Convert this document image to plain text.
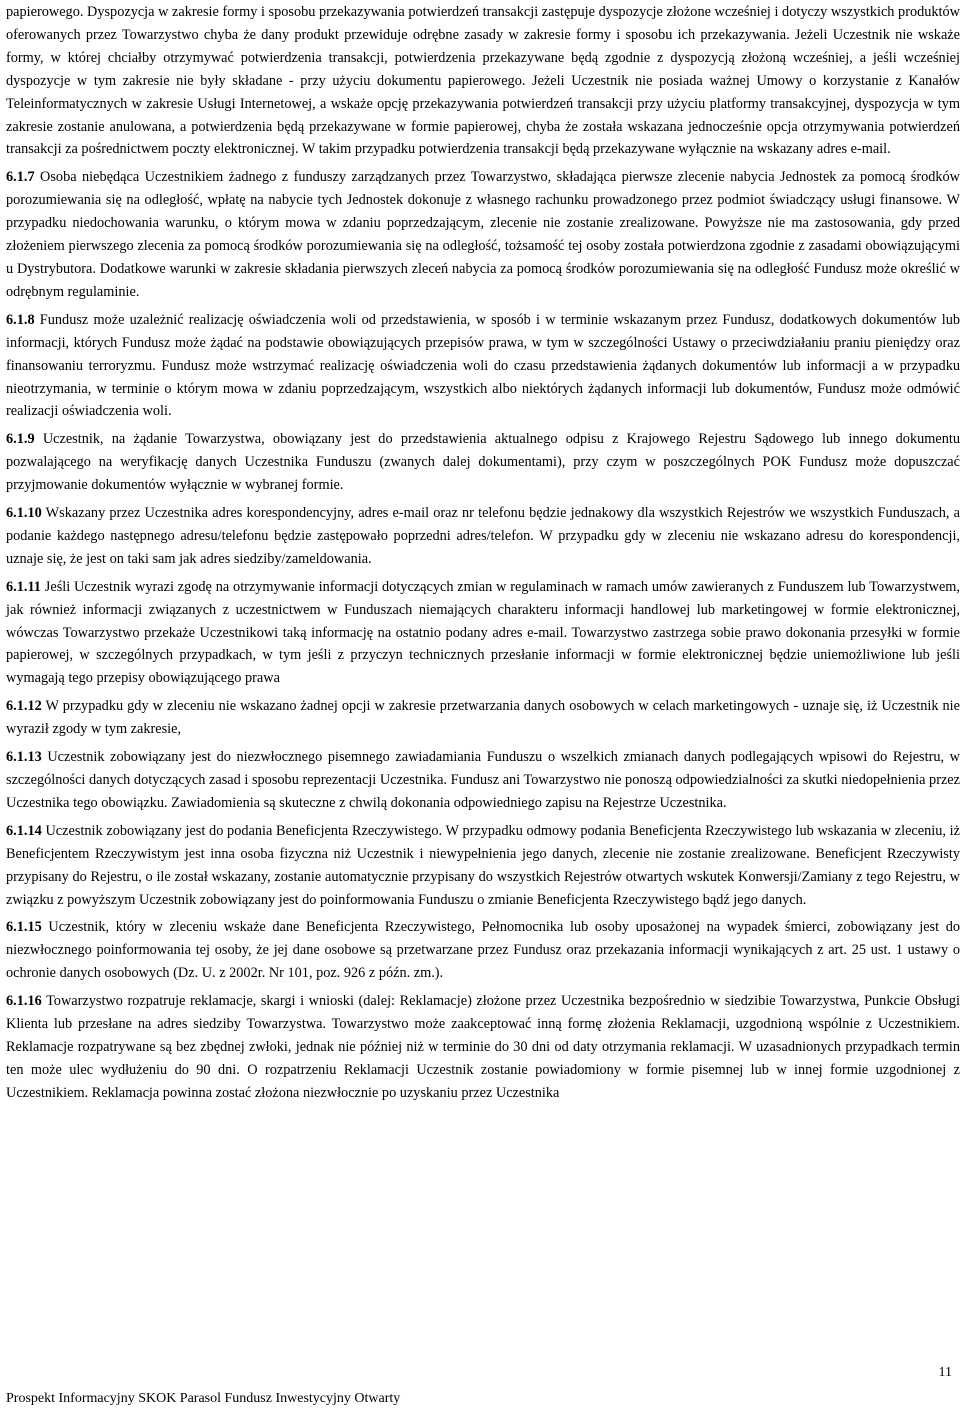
papierowego. Dyspozycja w zakresie formy i sposobu przekazywania potwierdzeń transakcji zastępuje dyspozycje złożone wcześniej i dotyczy wszystkich produktów oferowanych przez Towarzystwo chyba że dany produkt przewiduje odrębne zasady w zakresie formy i sposobu ich przekazywania. Jeżeli Uczestnik nie wskaże formy, w której chciałby otrzymywać potwierdzenia transakcji, potwierdzenia przekazywane będą zgodnie z dyspozycją złożoną wcześniej, a jeśli wcześniej dyspozycje w tym zakresie nie były składane - przy użyciu dokumentu papierowego. Jeżeli Uczestnik nie posiada ważnej Umowy o korzystanie z Kanałów Teleinformatycznych w zakresie Usługi Internetowej, a wskaże opcję przekazywania potwierdzeń transakcji przy użyciu platformy transakcyjnej, dyspozycja w tym zakresie zostanie anulowana, a potwierdzenia będą przekazywane w formie papierowej, chyba że została wskazana jednocześnie opcja otrzymywania potwierdzeń transakcji za pośrednictwem poczty elektronicznej. W takim przypadku potwierdzenia transakcji będą przekazywane wyłącznie na wskazany adres e-mail.

6.1.7 Osoba niebędąca Uczestnikiem żadnego z funduszy zarządzanych przez Towarzystwo, składająca pierwsze zlecenie nabycia Jednostek za pomocą środków porozumiewania się na odległość, wpłatę na nabycie tych Jednostek dokonuje z własnego rachunku prowadzonego przez podmiot świadczący usługi finansowe. W przypadku niedochowania warunku, o którym mowa w zdaniu poprzedzającym, zlecenie nie zostanie zrealizowane. Powyższe nie ma zastosowania, gdy przed złożeniem pierwszego zlecenia za pomocą środków porozumiewania się na odległość, tożsamość tej osoby została potwierdzona zgodnie z zasadami obowiązującymi u Dystrybutora. Dodatkowe warunki w zakresie składania pierwszych zleceń nabycia za pomocą środków porozumiewania się na odległość Fundusz może określić w odrębnym regulaminie.

6.1.8 Fundusz może uzależnić realizację oświadczenia woli od przedstawienia, w sposób i w terminie wskazanym przez Fundusz, dodatkowych dokumentów lub informacji, których Fundusz może żądać na podstawie obowiązujących przepisów prawa, w tym w szczególności Ustawy o przeciwdziałaniu praniu pieniędzy oraz finansowaniu terroryzmu. Fundusz może wstrzymać realizację oświadczenia woli do czasu przedstawienia żądanych dokumentów lub informacji a w przypadku nieotrzymania, w terminie o którym mowa w zdaniu poprzedzającym, wszystkich albo niektórych żądanych informacji lub dokumentów, Fundusz może odmówić realizacji oświadczenia woli.

6.1.9 Uczestnik, na żądanie Towarzystwa, obowiązany jest do przedstawienia aktualnego odpisu z Krajowego Rejestru Sądowego lub innego dokumentu pozwalającego na weryfikację danych Uczestnika Funduszu (zwanych dalej dokumentami), przy czym w poszczególnych POK Fundusz może dopuszczać przyjmowanie dokumentów wyłącznie w wybranej formie.

6.1.10 Wskazany przez Uczestnika adres korespondencyjny, adres e-mail oraz nr telefonu będzie jednakowy dla wszystkich Rejestrów we wszystkich Funduszach, a podanie każdego następnego adresu/telefonu będzie zastępowało poprzedni adres/telefon. W przypadku gdy w zleceniu nie wskazano adresu do korespondencji, uznaje się, że jest on taki sam jak adres siedziby/zameldowania.

6.1.11 Jeśli Uczestnik wyrazi zgodę na otrzymywanie informacji dotyczących zmian w regulaminach w ramach umów zawieranych z Funduszem lub Towarzystwem, jak również informacji związanych z uczestnictwem w Funduszach niemających charakteru informacji handlowej lub marketingowej w formie elektronicznej, wówczas Towarzystwo przekaże Uczestnikowi taką informację na ostatnio podany adres e-mail. Towarzystwo zastrzega sobie prawo dokonania przesyłki w formie papierowej, w szczególnych przypadkach, w tym jeśli z przyczyn technicznych przesłanie informacji w formie elektronicznej będzie uniemożliwione lub jeśli wymagają tego przepisy obowiązującego prawa

6.1.12 W przypadku gdy w zleceniu nie wskazano żadnej opcji w zakresie przetwarzania danych osobowych w celach marketingowych - uznaje się, iż Uczestnik nie wyraził zgody w tym zakresie,

6.1.13 Uczestnik zobowiązany jest do niezwłocznego pisemnego zawiadamiania Funduszu o wszelkich zmianach danych podlegających wpisowi do Rejestru, w szczególności danych dotyczących zasad i sposobu reprezentacji Uczestnika. Fundusz ani Towarzystwo nie ponoszą odpowiedzialności za skutki niedopełnienia przez Uczestnika tego obowiązku. Zawiadomienia są skuteczne z chwilą dokonania odpowiedniego zapisu na Rejestrze Uczestnika.

6.1.14 Uczestnik zobowiązany jest do podania Beneficjenta Rzeczywistego. W przypadku odmowy podania Beneficjenta Rzeczywistego lub wskazania w zleceniu, iż Beneficjentem Rzeczywistym jest inna osoba fizyczna niż Uczestnik i niewypełnienia jego danych, zlecenie nie zostanie zrealizowane. Beneficjent Rzeczywisty przypisany do Rejestru, o ile został wskazany, zostanie automatycznie przypisany do wszystkich Rejestrów otwartych wskutek Konwersji/Zamiany z tego Rejestru, w związku z powyższym Uczestnik zobowiązany jest do poinformowania Funduszu o zmianie Beneficjenta Rzeczywistego bądź jego danych.

6.1.15 Uczestnik, który w zleceniu wskaże dane Beneficjenta Rzeczywistego, Pełnomocnika lub osoby uposażonej na wypadek śmierci, zobowiązany jest do niezwłocznego poinformowania tej osoby, że jej dane osobowe są przetwarzane przez Fundusz oraz przekazania informacji wynikających z art. 25 ust. 1 ustawy o ochronie danych osobowych (Dz. U. z 2002r. Nr 101, poz. 926 z późn. zm.).

6.1.16 Towarzystwo rozpatruje reklamacje, skargi i wnioski (dalej: Reklamacje) złożone przez Uczestnika bezpośrednio w siedzibie Towarzystwa, Punkcie Obsługi Klienta lub przesłane na adres siedziby Towarzystwa. Towarzystwo może zaakceptować inną formę złożenia Reklamacji, uzgodnioną wspólnie z Uczestnikiem. Reklamacje rozpatrywane są bez zbędnej zwłoki, jednak nie później niż w terminie do 30 dni od daty otrzymania reklamacji. W uzasadnionych przypadkach termin ten może ulec wydłużeniu do 90 dni. O rozpatrzeniu Reklamacji Uczestnik zostanie powiadomiony w formie pisemnej lub w innej formie uzgodnionej z Uczestnikiem. Reklamacja powinna zostać złożona niezwłocznie po uzyskaniu przez Uczestnika

11
Prospekt Informacyjny SKOK Parasol Fundusz Inwestycyjny Otwarty
